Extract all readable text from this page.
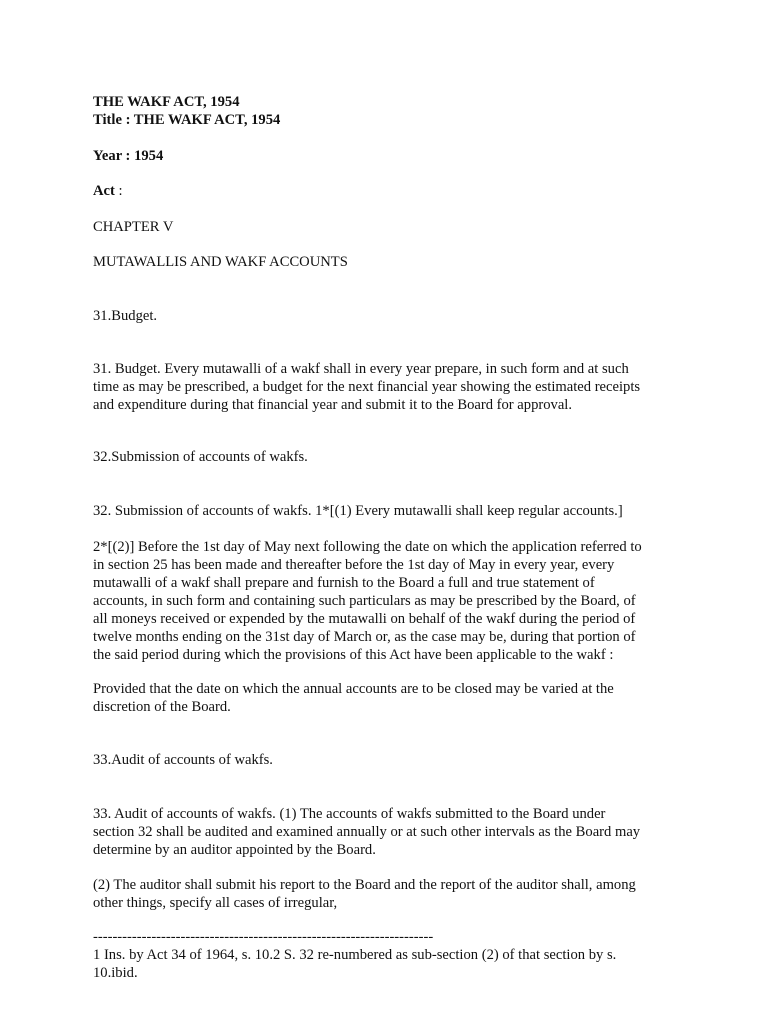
THE WAKF ACT, 1954

Title : THE WAKF ACT, 1954

Year : 1954

Act :

CHAPTER V

MUTAWALLIS AND WAKF ACCOUNTS

31.Budget.

31. Budget. Every mutawalli of a wakf shall in every year prepare, in such form and at such
time as may be prescribed, a budget for the next financial year showing the estimated receipts
and expenditure during that financial year and submit it to the Board for approval.

32.Submission of accounts of wakfs.

32. Submission of accounts of wakfs. 1*[(1) Every mutawalli shall keep regular accounts.]

2*[(2)] Before the 1st day of May next following the date on which the application referred to
in section 25 has been made and thereafter before the 1st day of May in every year, every
mutawalli of a wakf shall prepare and furnish to the Board a full and true statement of
accounts, in such form and containing such particulars as may be prescribed by the Board, of
all moneys received or expended by the mutawalli on behalf of the wakf during the period of
twelve months ending on the 31st day of March or, as the case may be, during that portion of
the said period during which the provisions of this Act have been applicable to the wakf :
Provided that the date on which the annual accounts are to be closed may be varied at the
discretion of the Board.

33.Audit of accounts of wakfs.

33. Audit of accounts of wakfs. (1) The accounts of wakfs submitted to the Board under
section 32 shall be audited and examined annually or at such other intervals as the Board may
determine by an auditor appointed by the Board.
(2) The auditor shall submit his report to the Board and the report of the auditor shall, among
other things, specify all cases of irregular,

----------------------------------------------------------------------

1 Ins. by Act 34 of 1964, s. 10.2 S. 32 re-numbered as sub-section (2) of that section by s.
10.ibid.
